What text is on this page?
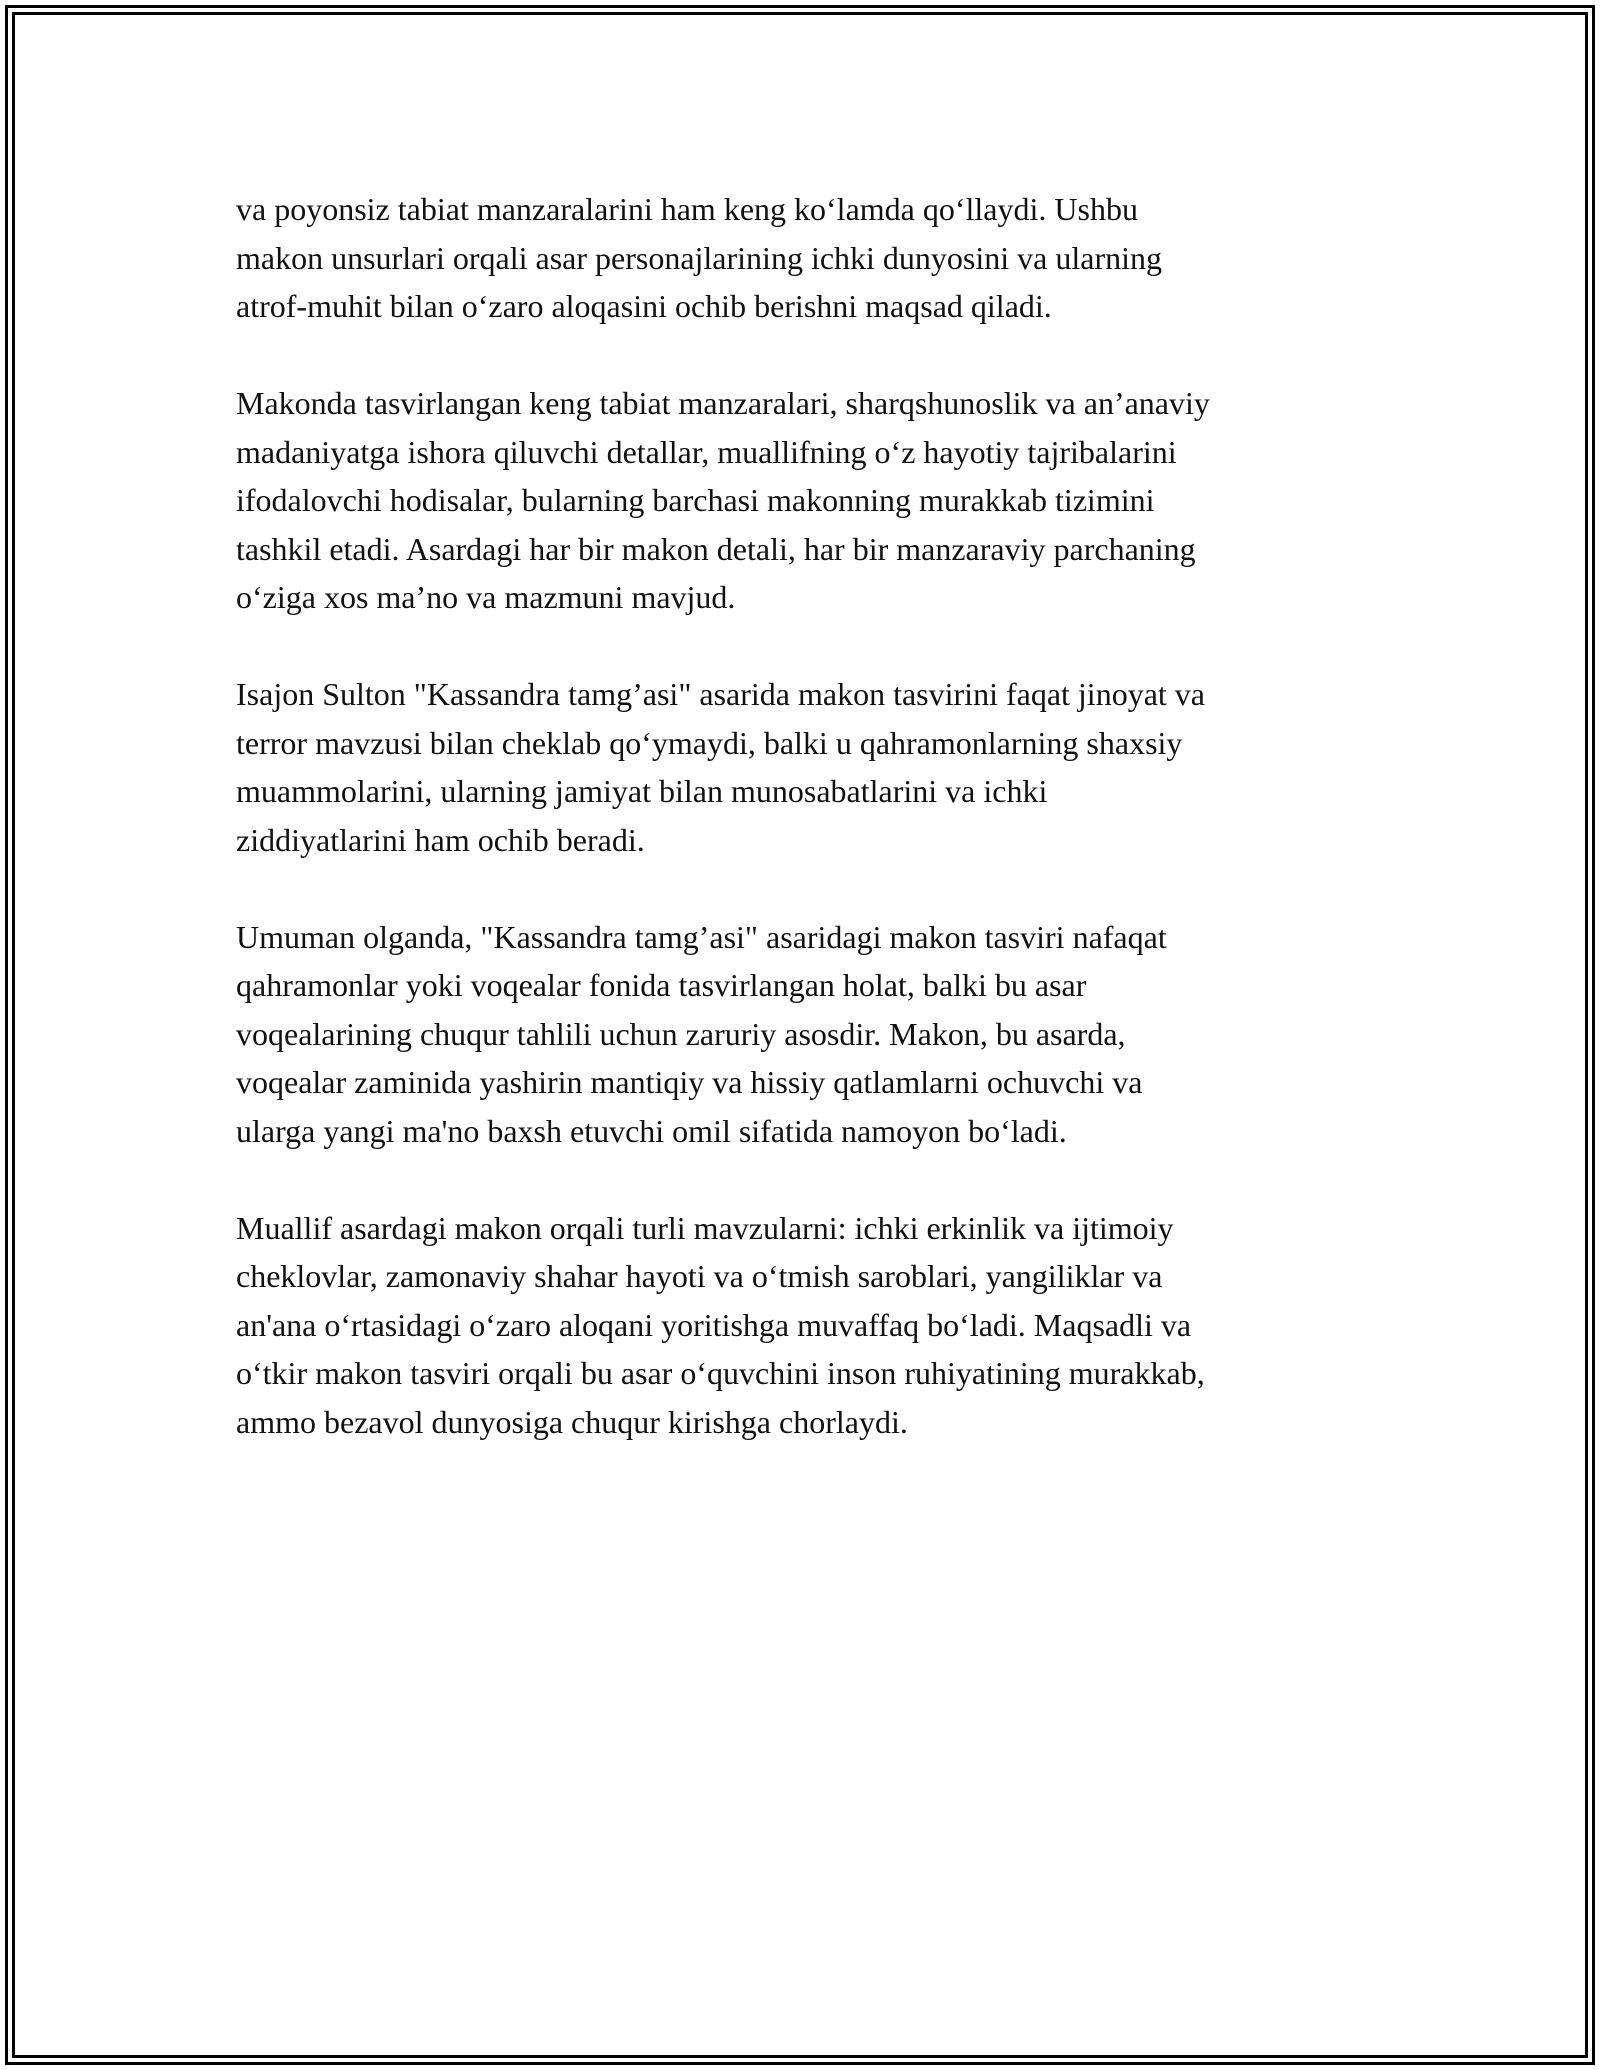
va poyonsiz tabiat manzaralarini ham keng ko‘lamda qo‘llaydi. Ushbu
makon unsurlari orqali asar personajlarining ichki dunyosini va ularning
atrof-muhit bilan o‘zaro aloqasini ochib berishni maqsad qiladi.

Makonda tasvirlangan keng tabiat manzaralari, sharqshunoslik va an’anaviy
madaniyatga ishora qiluvchi detallar, muallifning o‘z hayotiy tajribalarini
ifodalovchi hodisalar, bularning barchasi makonning murakkab tizimini
tashkil etadi. Asardagi har bir makon detali, har bir manzaraviy parchaning
o‘ziga xos ma’no va mazmuni mavjud.

Isajon Sulton "Kassandra tamg’asi" asarida makon tasvirini faqat jinoyat va
terror mavzusi bilan cheklab qo‘ymaydi, balki u qahramonlarning shaxsiy
muammolarini, ularning jamiyat bilan munosabatlarini va ichki
ziddiyatlarini ham ochib beradi.

Umuman olganda, "Kassandra tamg’asi" asaridagi makon tasviri nafaqat
qahramonlar yoki voqealar fonida tasvirlangan holat, balki bu asar
voqealarining chuqur tahlili uchun zaruriy asosdir. Makon, bu asarda,
voqealar zaminida yashirin mantiqiy va hissiy qatlamlarni ochuvchi va
ularga yangi ma'no baxsh etuvchi omil sifatida namoyon bo‘ladi.

Muallif asardagi makon orqali turli mavzularni: ichki erkinlik va ijtimoiy
cheklovlar, zamonaviy shahar hayoti va o‘tmish saroblari, yangiliklar va
an'ana o‘rtasidagi o‘zaro aloqani yoritishga muvaffaq bo‘ladi. Maqsadli va
o‘tkir makon tasviri orqali bu asar o‘quvchini inson ruhiyatining murakkab,
ammo bezavol dunyosiga chuqur kirishga chorlaydi.
